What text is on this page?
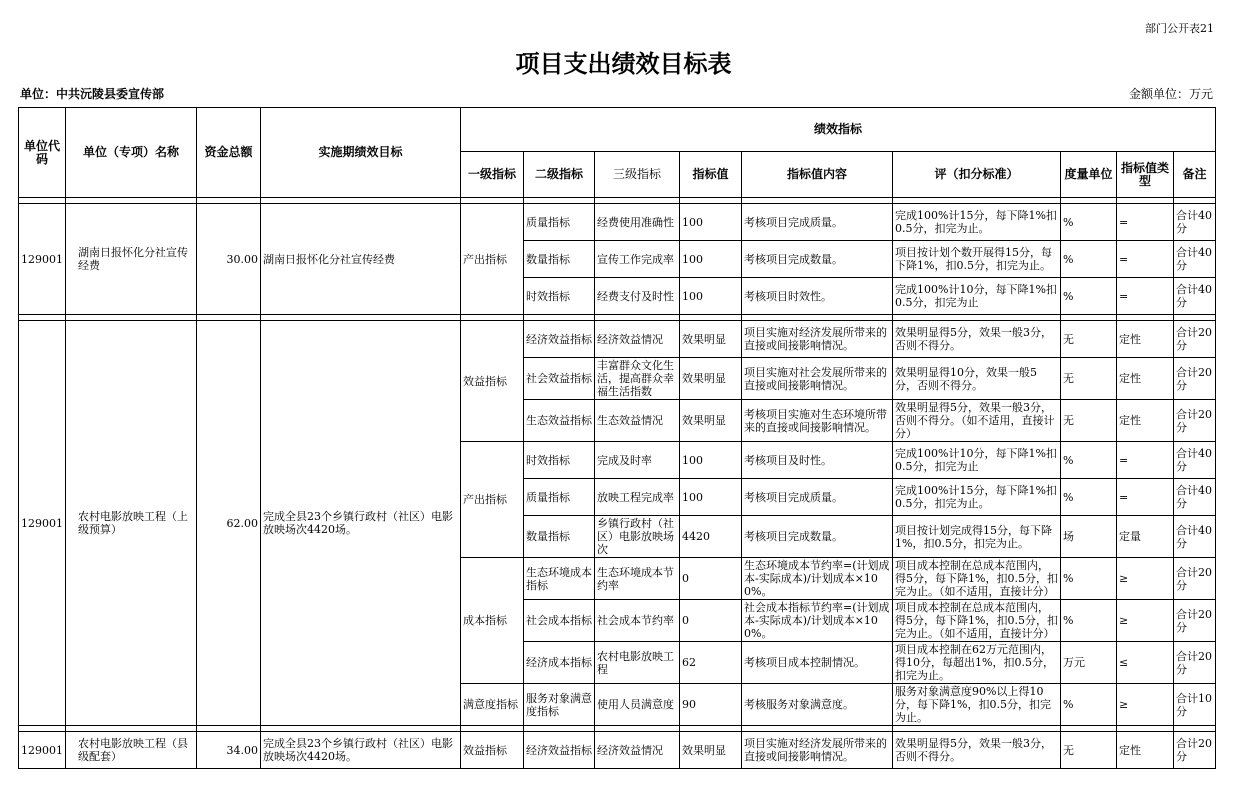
部门公开表21
项目支出绩效目标表
单位：中共沅陵县委宣传部	金额单位：万元
单位代码	单位（专项）名称	资金总额	实施期绩效目标	绩效指标								
				一级指标	二级指标	三级指标	指标值	指标值内容	评（扣分标准）	度量单位	指标值类型	备注

129001	湖南日报怀化分社宣传经费	30.00	湖南日报怀化分社宣传经费	产出指标	质量指标	经费使用准确性	100	考核项目完成质量。	完成100%计15分，每下降1%扣0.5分，扣完为止。	%	=	合计40分
					数量指标	宣传工作完成率	100	考核项目完成数量。	项目按计划个数开展得15分，每下降1%，扣0.5分，扣完为止。	%	=	合计40分
					时效指标	经费支付及时性	100	考核项目时效性。	完成100%计10分，每下降1%扣0.5分，扣完为止	%	=	合计40分

129001	农村电影放映工程（上级预算）	62.00	完成全县23个乡镇行政村（社区）电影放映场次4420场。	效益指标	经济效益指标	经济效益情况	效果明显	项目实施对经济发展所带来的直接或间接影响情况。	效果明显得5分，效果一般3分，否则不得分。	无	定性	合计20分
					社会效益指标	丰富群众文化生活，提高群众幸福生活指数	效果明显	项目实施对社会发展所带来的直接或间接影响情况。	效果明显得10分，效果一般5分，否则不得分。	无	定性	合计20分
					生态效益指标	生态效益情况	效果明显	考核项目实施对生态环境所带来的直接或间接影响情况。	效果明显得5分，效果一般3分，否则不得分。（如不适用，直接计分）	无	定性	合计20分
				产出指标	时效指标	完成及时率	100	考核项目及时性。	完成100%计10分，每下降1%扣0.5分，扣完为止	%	=	合计40分
					质量指标	放映工程完成率	100	考核项目完成质量。	完成100%计15分，每下降1%扣0.5分，扣完为止。	%	=	合计40分
					数量指标	乡镇行政村（社区）电影放映场次	4420	考核项目完成数量。	项目按计划完成得15分，每下降1%，扣0.5分，扣完为止。	场	定量	合计40分
				成本指标	生态环境成本指标	生态环境成本节约率	0	生态环境成本节约率=(计划成本-实际成本)/计划成本×100%。	项目成本控制在总成本范围内，得5分，每下降1%，扣0.5分，扣完为止。（如不适用，直接计分）	%	≥	合计20分
					社会成本指标	社会成本节约率	0	社会成本指标节约率=(计划成本-实际成本)/计划成本×100%。	项目成本控制在总成本范围内，得5分，每下降1%，扣0.5分，扣完为止。（如不适用，直接计分）	%	≥	合计20分
					经济成本指标	农村电影放映工程	62	考核项目成本控制情况。	项目成本控制在62万元范围内，得10分，每超出1%，扣0.5分，扣完为止。	万元	≤	合计20分
				满意度指标	服务对象满意度指标	使用人员满意度	90	考核服务对象满意度。	服务对象满意度90%以上得10分，每下降1%，扣0.5分，扣完为止。	%	≥	合计10分

129001	农村电影放映工程（县级配套）	34.00	完成全县23个乡镇行政村（社区）电影放映场次4420场。	效益指标	经济效益指标	经济效益情况	效果明显	项目实施对经济发展所带来的直接或间接影响情况。	效果明显得5分，效果一般3分，否则不得分。	无	定性	合计20分
